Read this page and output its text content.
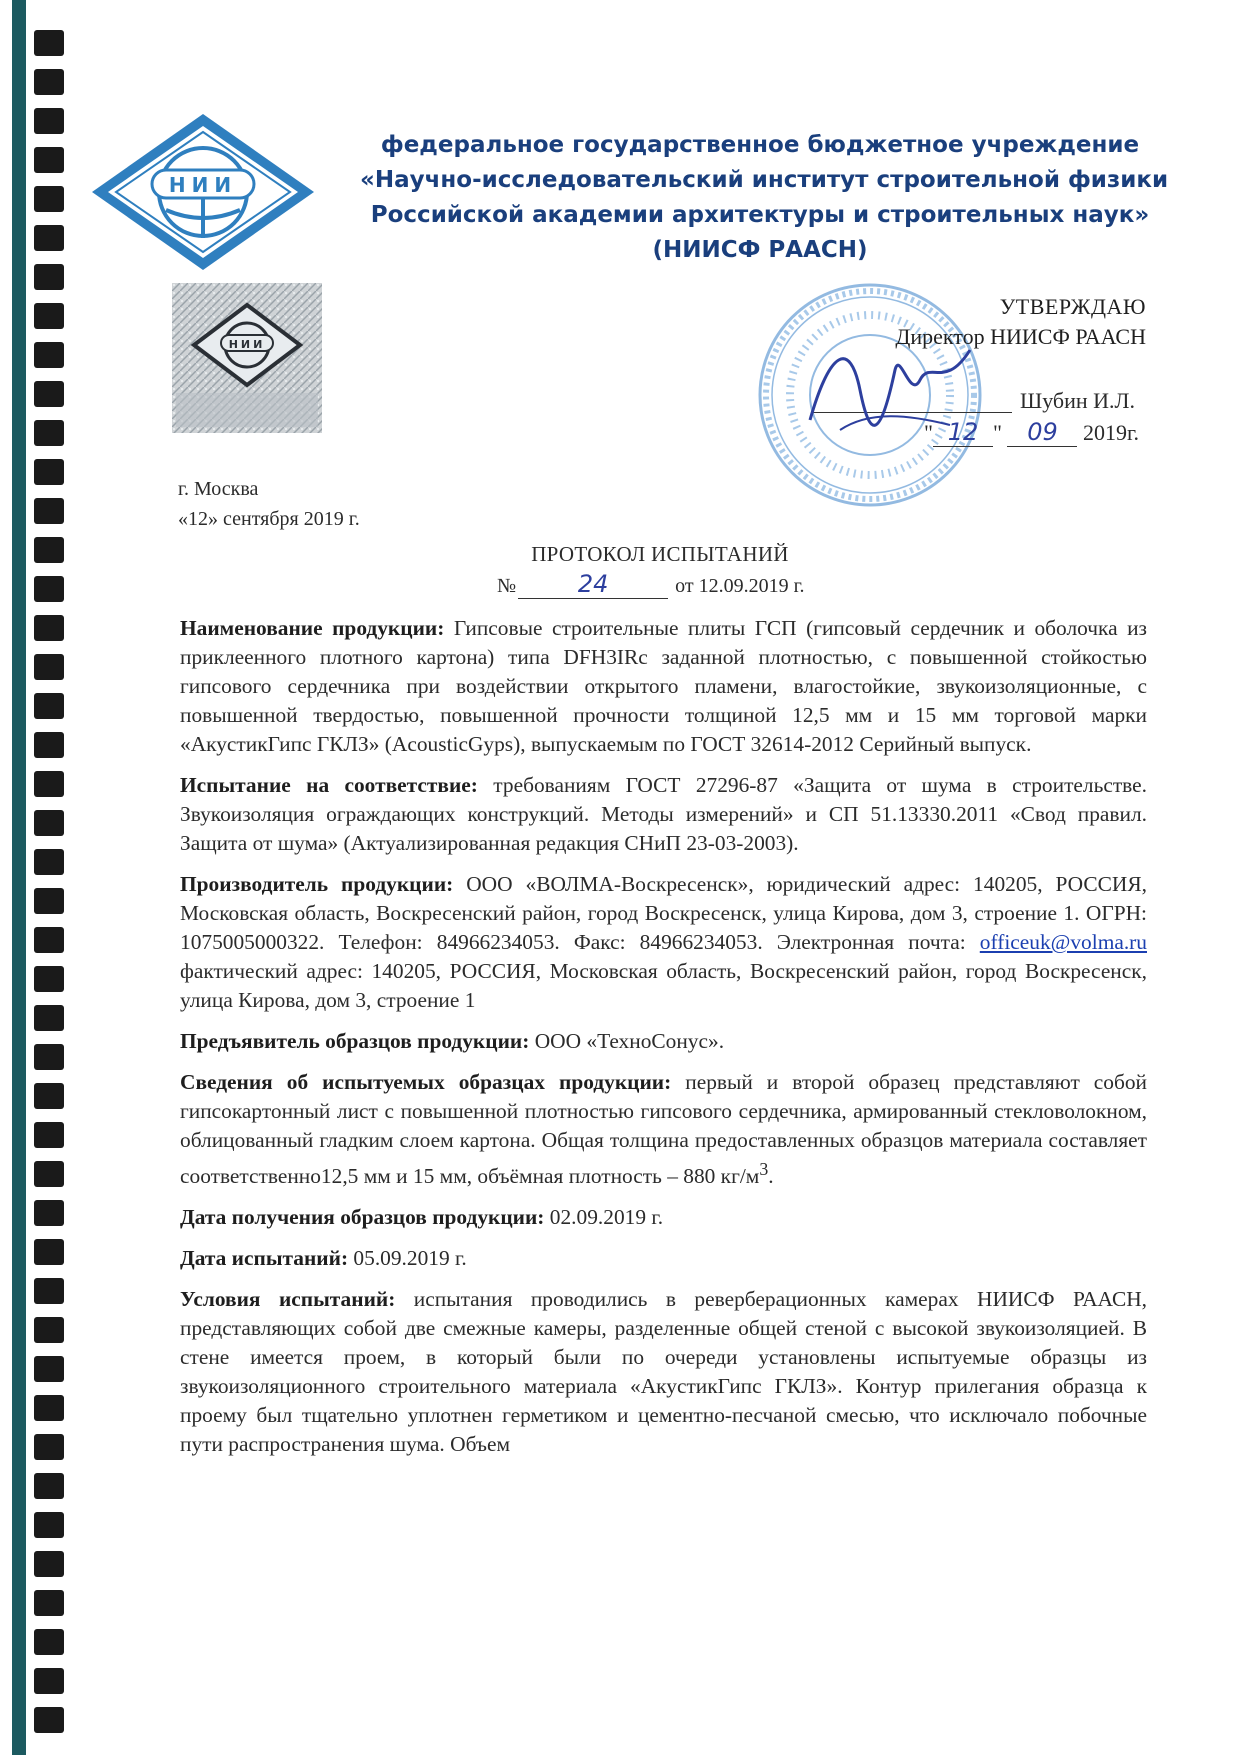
НИИ
НИИ
федеральное государственное бюджетное учреждение
«Научно-исследовательский институт строительной физики
Российской академии архитектуры и строительных наук»
(НИИСФ РААСН)
УТВЕРЖДАЮ
Директор НИИСФ РААСН
Шубин И.Л.
" 12 " 09 2019г.
г. Москва
«12» сентября 2019 г.
ПРОТОКОЛ ИСПЫТАНИЙ
№	24	от 12.09.2019 г.

Наименование продукции: Гипсовые строительные плиты ГСП (гипсовый сердечник и оболочка из приклеенного плотного картона) типа DFH3IRc заданной плотностью, с повышенной стойкостью гипсового сердечника при воздействии открытого пламени, влагостойкие, звукоизоляционные, с повышенной твердостью, повышенной прочности толщиной 12,5 мм и 15 мм торговой марки «АкустикГипс ГКЛЗ» (AcousticGyps), выпускаемым по ГОСТ 32614-2012 Серийный выпуск.

Испытание на соответствие: требованиям ГОСТ 27296-87 «Защита от шума в строительстве. Звукоизоляция ограждающих конструкций. Методы измерений» и СП 51.13330.2011 «Свод правил. Защита от шума» (Актуализированная редакция СНиП 23-03-2003).

Производитель продукции: ООО «ВОЛМА-Воскресенск», юридический адрес: 140205, РОССИЯ, Московская область, Воскресенский район, город Воскресенск, улица Кирова, дом 3, строение 1. ОГРН: 1075005000322. Телефон: 84966234053. Факс: 84966234053. Электронная почта: officeuk@volma.ru фактический адрес: 140205, РОССИЯ, Московская область, Воскресенский район, город Воскресенск, улица Кирова, дом 3, строение 1

Предъявитель образцов продукции: ООО «ТехноСонус».

Сведения об испытуемых образцах продукции: первый и второй образец представляют собой гипсокартонный лист с повышенной плотностью гипсового сердечника, армированный стекловолокном, облицованный гладким слоем картона. Общая толщина предоставленных образцов материала составляет соответственно12,5 мм и 15 мм, объёмная плотность – 880 $кг/м^3$.

Дата получения образцов продукции: 02.09.2019 г.

Дата испытаний: 05.09.2019 г.

Условия испытаний: испытания проводились в реверберационных камерах НИИСФ РААСН, представляющих собой две смежные камеры, разделенные общей стеной с высокой звукоизоляцией. В стене имеется проем, в который были по очереди установлены испытуемые образцы из звукоизоляционного строительного материала «АкустикГипс ГКЛЗ». Контур прилегания образца к проему был тщательно уплотнен герметиком и цементно-песчаной смесью, что исключало побочные пути распространения шума. Объем
